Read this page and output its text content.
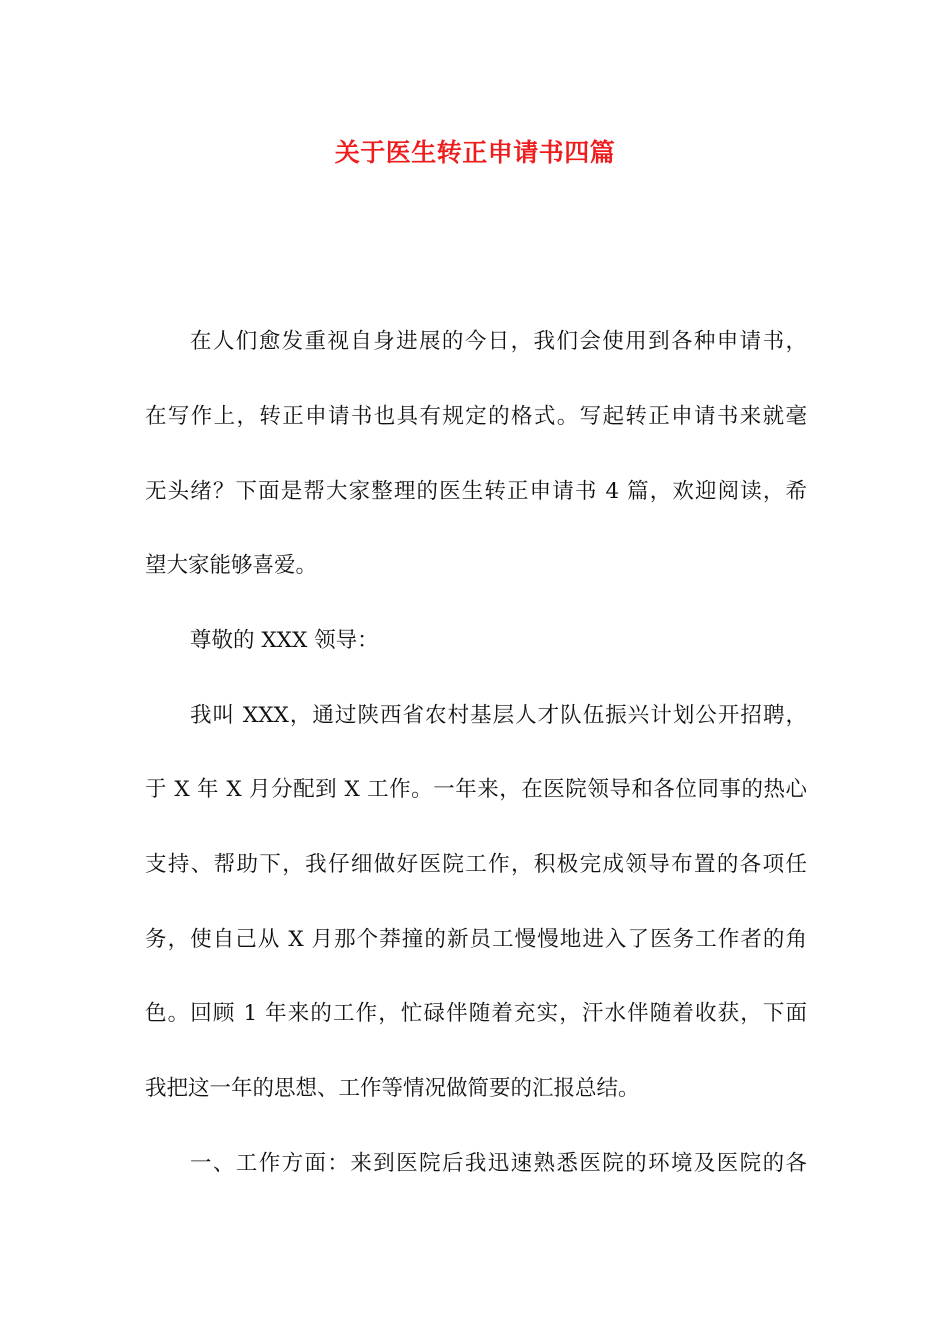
关于医生转正申请书四篇

在人们愈发重视自身进展的今日，我们会使用到各种申请书，

在写作上，转正申请书也具有规定的格式。写起转正申请书来就毫

无头绪？下面是帮大家整理的医生转正申请书 4 篇，欢迎阅读，希

望大家能够喜爱。

尊敬的 XXX 领导：

我叫 XXX，通过陕西省农村基层人才队伍振兴计划公开招聘，

于 X 年 X 月分配到 X 工作。一年来，在医院领导和各位同事的热心

支持、帮助下，我仔细做好医院工作，积极完成领导布置的各项任

务，使自己从 X 月那个莽撞的新员工慢慢地进入了医务工作者的角

色。回顾 1 年来的工作，忙碌伴随着充实，汗水伴随着收获，下面

我把这一年的思想、工作等情况做简要的汇报总结。

一、工作方面：来到医院后我迅速熟悉医院的环境及医院的各
